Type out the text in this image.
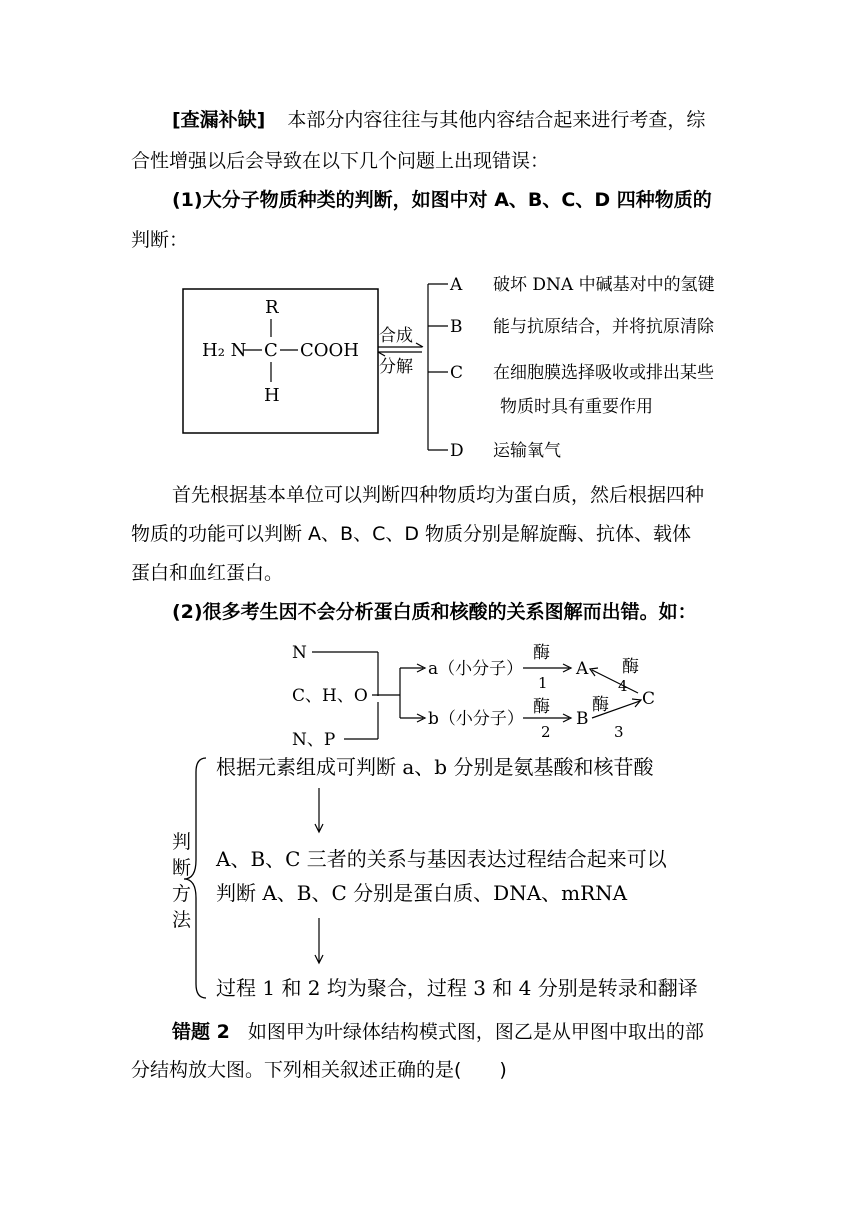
[查漏补缺] 本部分内容往往与其他内容结合起来进行考查，综
合性增强以后会导致在以下几个问题上出现错误：
(1)大分子物质种类的判断，如图中对 A、B、C、D 四种物质的
判断：
R
H₂ N C COOH
H
合成
分解
A 破坏 DNA 中碱基对中的氢键
B 能与抗原结合，并将抗原清除
C 在细胞膜选择吸收或排出某些
物质时具有重要作用
D 运输氧气
首先根据基本单位可以判断四种物质均为蛋白质，然后根据四种
物质的功能可以判断 A、B、C、D 物质分别是解旋酶、抗体、载体
蛋白和血红蛋白。
(2)很多考生因不会分析蛋白质和核酸的关系图解而出错。如：
N
C、H、O
N、P
a（小分子）
b（小分子）
酶
1
A
酶
2
B
酶
3
C
酶
4
判
断
方
法
根据元素组成可判断 a、b 分别是氨基酸和核苷酸
A、B、C 三者的关系与基因表达过程结合起来可以
判断 A、B、C 分别是蛋白质、DNA、mRNA
过程 1 和 2 均为聚合，过程 3 和 4 分别是转录和翻译
错题 2 如图甲为叶绿体结构模式图，图乙是从甲图中取出的部
分结构放大图。下列相关叙述正确的是(　　)
